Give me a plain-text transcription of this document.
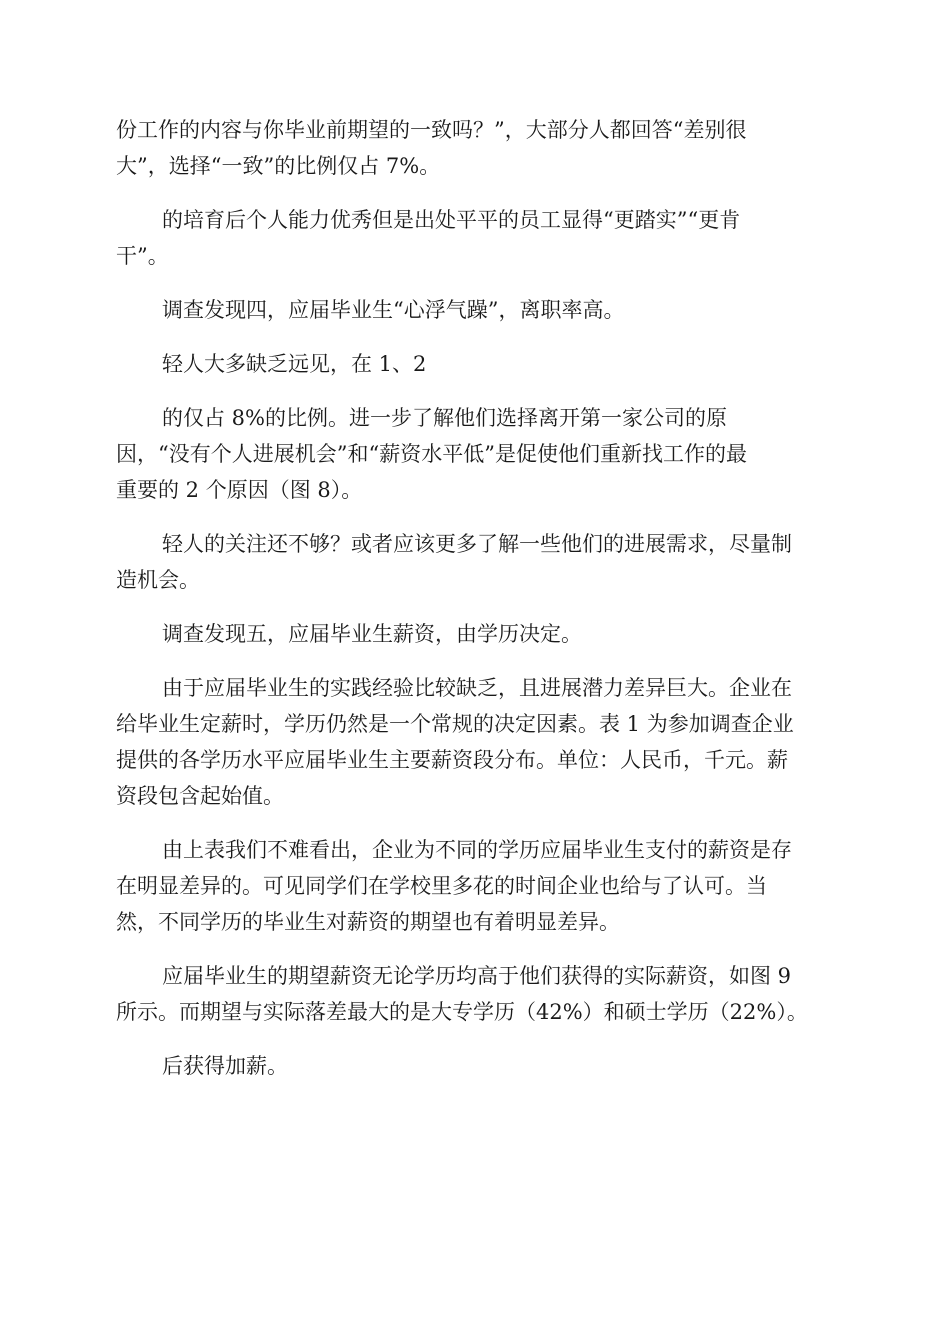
份工作的内容与你毕业前期望的一致吗？”，大部分人都回答“差别很
大”，选择“一致”的比例仅占 7%。

的培育后个人能力优秀但是出处平平的员工显得“更踏实”“更肯
干”。

调查发现四，应届毕业生“心浮气躁”，离职率高。

轻人大多缺乏远见，在 1、2

的仅占 8%的比例。进一步了解他们选择离开第一家公司的原
因，“没有个人进展机会”和“薪资水平低”是促使他们重新找工作的最
重要的 2 个原因（图 8）。

轻人的关注还不够？或者应该更多了解一些他们的进展需求，尽量制
造机会。

调查发现五，应届毕业生薪资，由学历决定。

由于应届毕业生的实践经验比较缺乏，且进展潜力差异巨大。企业在
给毕业生定薪时，学历仍然是一个常规的决定因素。表 1 为参加调查企业
提供的各学历水平应届毕业生主要薪资段分布。单位：人民币，千元。薪
资段包含起始值。

由上表我们不难看出，企业为不同的学历应届毕业生支付的薪资是存
在明显差异的。可见同学们在学校里多花的时间企业也给与了认可。当
然，不同学历的毕业生对薪资的期望也有着明显差异。

应届毕业生的期望薪资无论学历均高于他们获得的实际薪资，如图 9
所示。而期望与实际落差最大的是大专学历（42%）和硕士学历（22%）。

后获得加薪。
